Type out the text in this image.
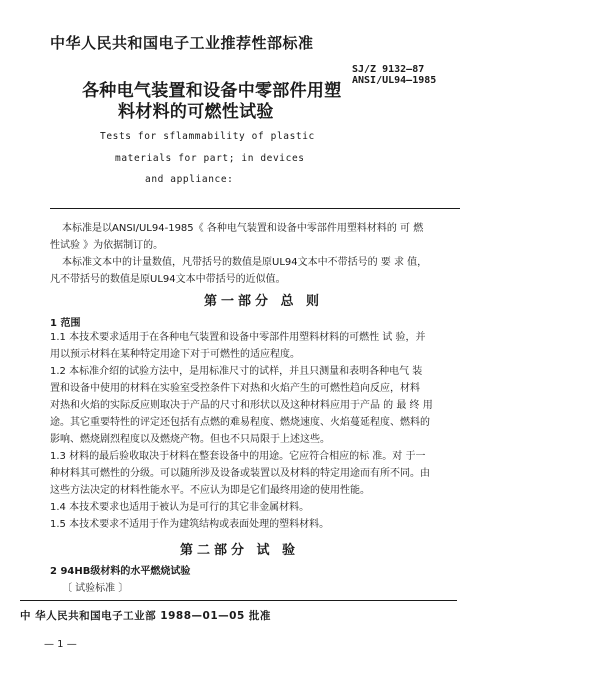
中华人民共和国电子工业推荐性部标准
各种电气装置和设备中零部件用塑
料材料的可燃性试验
SJ/Z 9132—87
ANSI/UL94—1985
Tests for sflammability of plastic
materials for part; in devices
and appliance:
本标准是以ANSI/UL94-1985《 各种电气装置和设备中零部件用塑料材料的 可 燃
性试验 》为依据制订的。
本标准文本中的计量数值，凡带括号的数值是原UL94文本中不带括号的 要 求 值，
凡不带括号的数值是原UL94文本中带括号的近似值。
第一部分 总 则
1 范围
1.1 本技术要求适用于在各种电气装置和设备中零部件用塑料材料的可燃性 试 验，并
用以预示材料在某种特定用途下对于可燃性的适应程度。
1.2 本标准介绍的试验方法中，是用标准尺寸的试样，并且只测量和表明各种电气 装
置和设备中使用的材料在实验室受控条件下对热和火焰产生的可燃性趋向反应，材料
对热和火焰的实际反应则取决于产品的尺寸和形状以及这种材料应用于产品 的 最 终 用
途。其它重要特性的评定还包括有点燃的难易程度、燃烧速度、火焰蔓延程度、燃料的
影响、燃烧剧烈程度以及燃烧产物。但也不只局限于上述这些。
1.3 材料的最后验收取决于材料在整套设备中的用途。它应符合相应的标 准。对 于一
种材料其可燃性的分级。可以随所涉及设备或装置以及材料的特定用途而有所不同。由
这些方法决定的材料性能水平。不应认为即是它们最终用途的使用性能。
1.4 本技术要求也适用于被认为是可行的其它非金属材料。
1.5 本技术要求不适用于作为建筑结构或表面处理的塑料材料。
第二部分 试 验
2 94HB级材料的水平燃烧试验
〔 试验标准 〕
中 华人民共和国电子工业部 1988—01—05 批准
— 1 —
